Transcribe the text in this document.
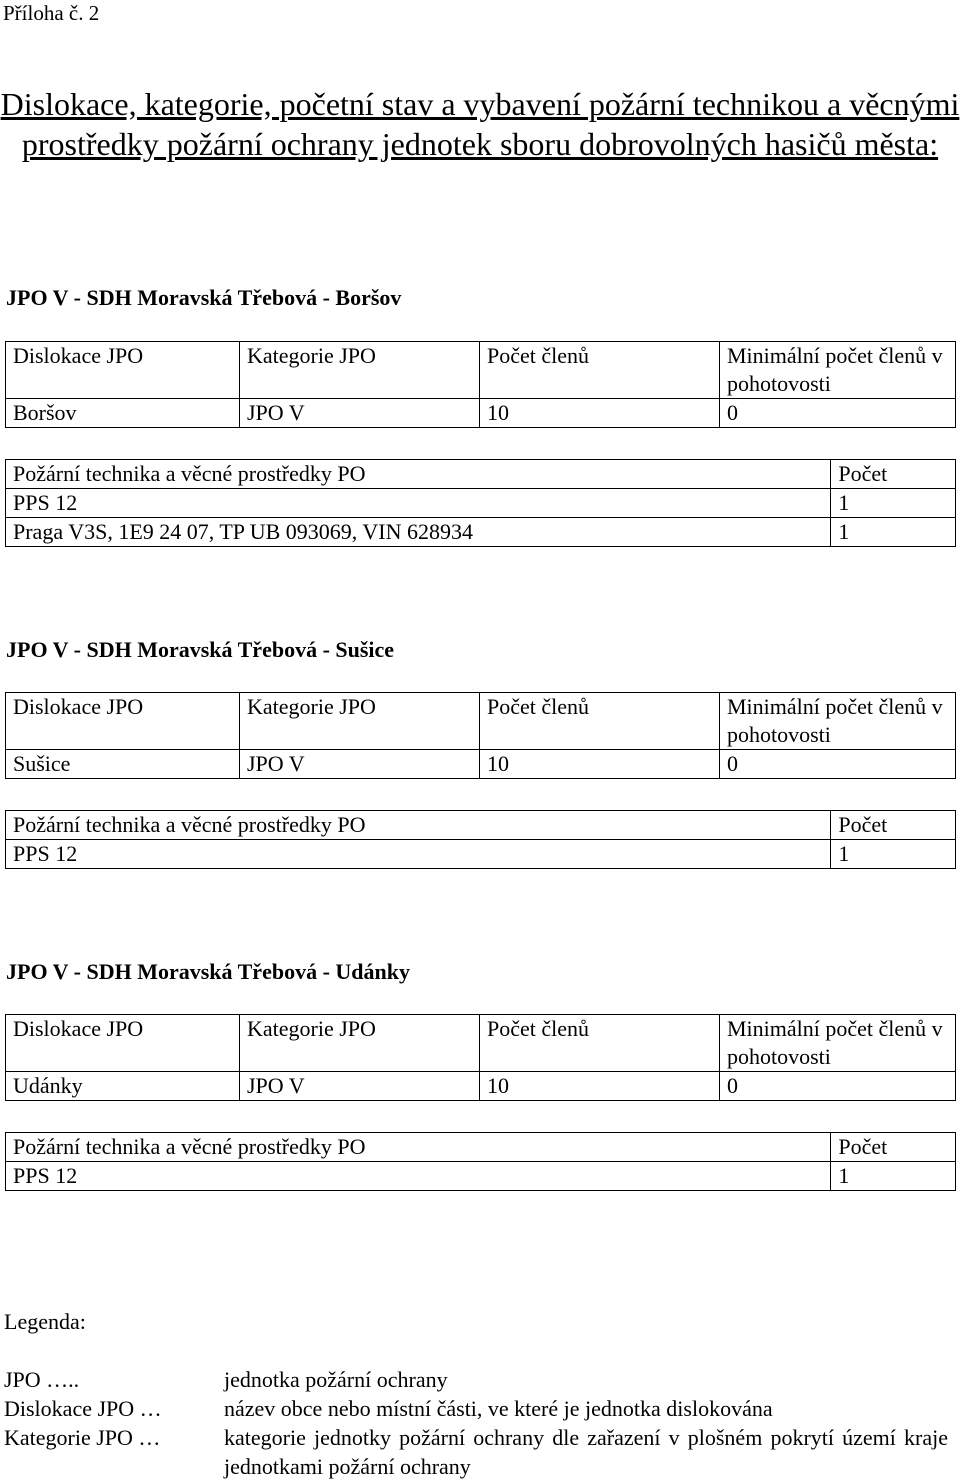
Příloha č. 2
Dislokace, kategorie, početní stav a vybavení požární technikou a věcnými prostředky požární ochrany jednotek sboru dobrovolných hasičů města:
JPO V - SDH Moravská Třebová - Boršov
Dislokace JPO	Kategorie JPO	Počet členů	Minimální počet členů v pohotovosti
Boršov	JPO V	10	0
Požární technika a věcné prostředky PO	Počet
PPS 12	1
Praga V3S, 1E9 24 07, TP UB 093069, VIN 628934	1
JPO V - SDH Moravská Třebová - Sušice
Dislokace JPO	Kategorie JPO	Počet členů	Minimální počet členů v pohotovosti
Sušice	JPO V	10	0
Požární technika a věcné prostředky PO	Počet
PPS 12	1
JPO V - SDH Moravská Třebová - Udánky
Dislokace JPO	Kategorie JPO	Počet členů	Minimální počet členů v pohotovosti
Udánky	JPO V	10	0
Požární technika a věcné prostředky PO	Počet
PPS 12	1
Legenda:
JPO …..	jednotka požární ochrany
Dislokace JPO …	název obce nebo místní části, ve které je jednotka dislokována
Kategorie JPO …	kategorie jednotky požární ochrany dle zařazení v plošném pokrytí území kraje jednotkami požární ochrany
